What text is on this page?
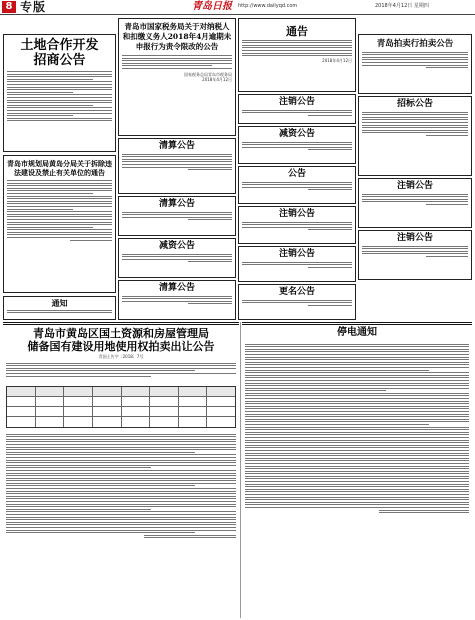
8 专版	青岛日报 http://www.dailyqd.com	2018年4月12日 星期四
土地合作开发
招商公告
青岛市规划局黄岛分局关于拆除违法建设及禁止有关单位的通告
青岛市国家税务局关于对纳税人和扣缴义务人2018年4月逾期未申报行为责令限改的公告
国家税务总局青岛市税务局
2018年4月12日
清算公告
清算公告
减资公告
清算公告
通告
2018年4月12日
注销公告
减资公告
公告
注销公告
注销公告
更名公告
青岛拍卖行拍卖公告
招标公告
注销公告
注销公告
通知
青岛市黄岛区国土资源和房屋管理局
储备国有建设用地使用权拍卖出让公告
青国土告字〔2018〕7号
停电通知
